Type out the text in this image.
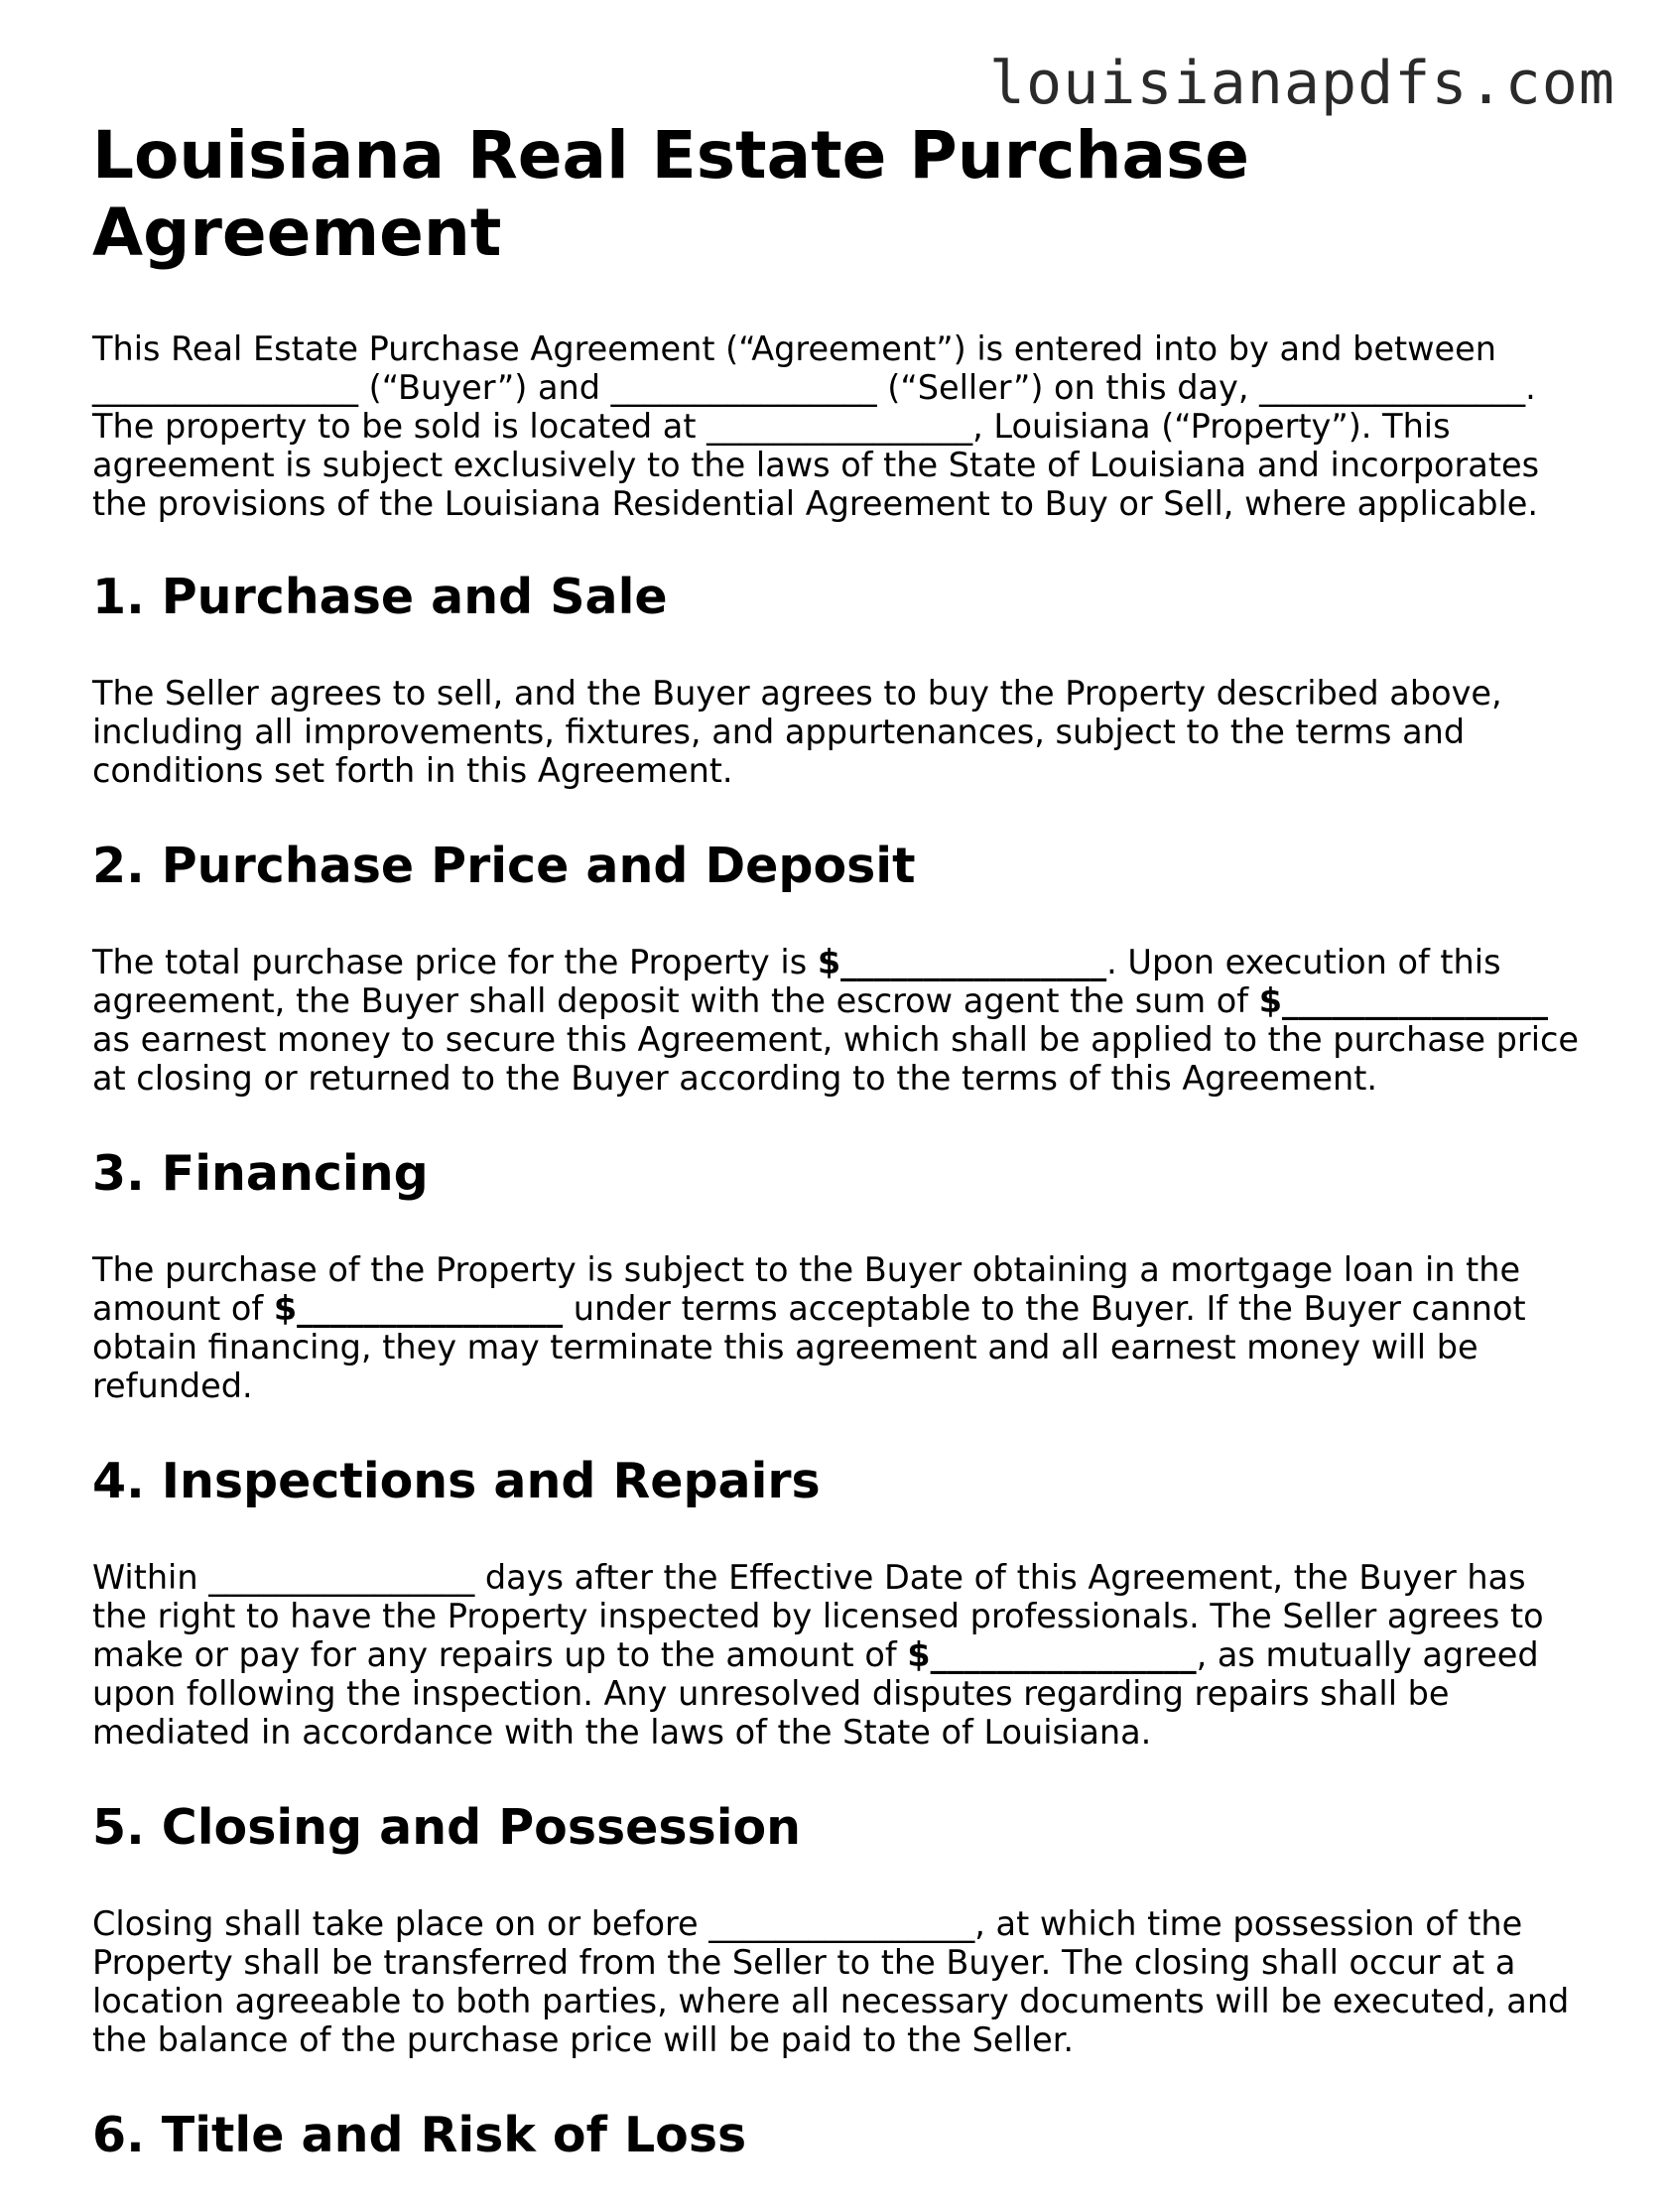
louisianapdfs.com
Louisiana Real Estate Purchase Agreement

This Real Estate Purchase Agreement (“Agreement”) is entered into by and between ________________ (“Buyer”) and ________________ (“Seller”) on this day, ________________. The property to be sold is located at ________________, Louisiana (“Property”). This agreement is subject exclusively to the laws of the State of Louisiana and incorporates the provisions of the Louisiana Residential Agreement to Buy or Sell, where applicable.

1. Purchase and Sale

The Seller agrees to sell, and the Buyer agrees to buy the Property described above, including all improvements, fixtures, and appurtenances, subject to the terms and conditions set forth in this Agreement.

2. Purchase Price and Deposit

The total purchase price for the Property is $________________. Upon execution of this agreement, the Buyer shall deposit with the escrow agent the sum of $________________ as earnest money to secure this Agreement, which shall be applied to the purchase price at closing or returned to the Buyer according to the terms of this Agreement.

3. Financing

The purchase of the Property is subject to the Buyer obtaining a mortgage loan in the amount of $________________ under terms acceptable to the Buyer. If the Buyer cannot obtain financing, they may terminate this agreement and all earnest money will be refunded.

4. Inspections and Repairs

Within ________________ days after the Effective Date of this Agreement, the Buyer has the right to have the Property inspected by licensed professionals. The Seller agrees to make or pay for any repairs up to the amount of $________________, as mutually agreed upon following the inspection. Any unresolved disputes regarding repairs shall be mediated in accordance with the laws of the State of Louisiana.

5. Closing and Possession

Closing shall take place on or before ________________, at which time possession of the Property shall be transferred from the Seller to the Buyer. The closing shall occur at a location agreeable to both parties, where all necessary documents will be executed, and the balance of the purchase price will be paid to the Seller.

6. Title and Risk of Loss
